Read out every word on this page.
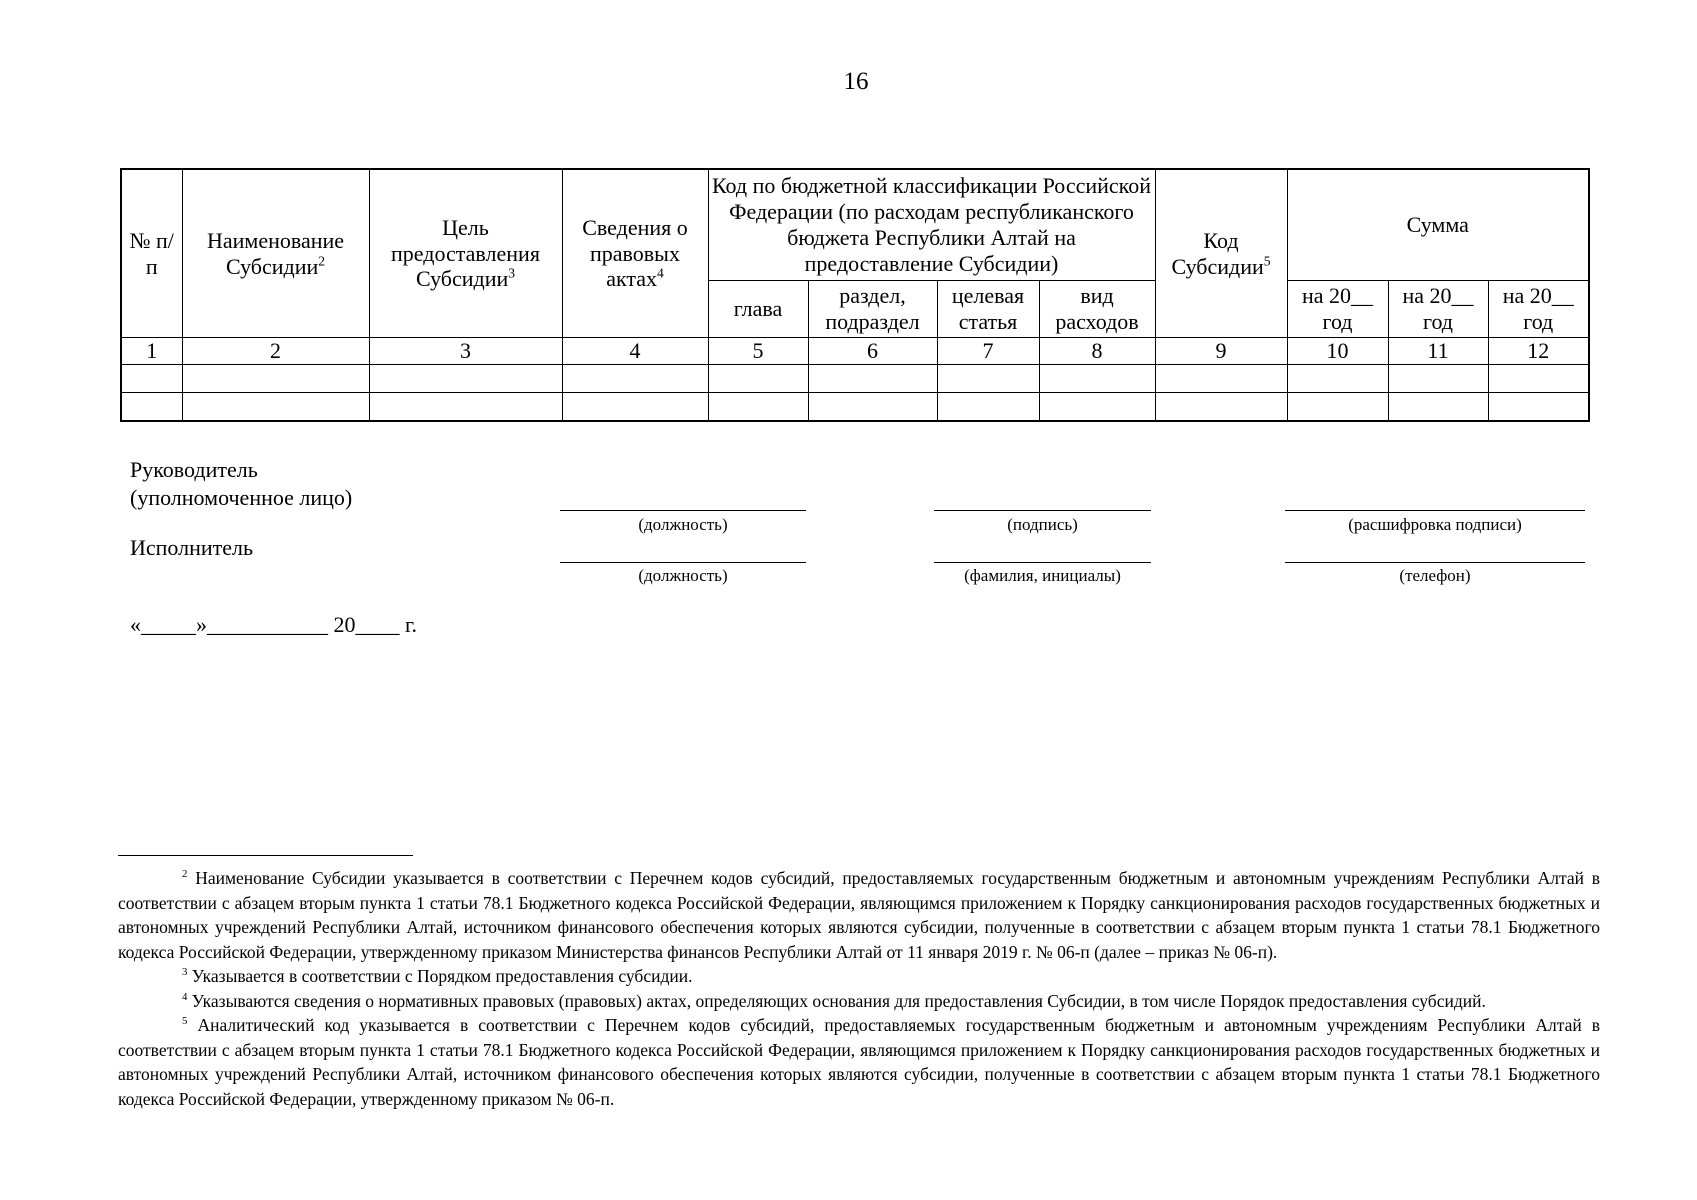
16
№ п/п	Наименование Субсидии$^2$	Цель предоставления Субсидии$^3$	Сведения о правовых актах$^4$	Код по бюджетной классификации Российской Федерации (по расходам республиканского бюджета Республики Алтай на предоставление Субсидии)				Код Субсидии$^5$	Сумма		
				глава	раздел, подраздел	целевая статья	вид расходов		на 20__ год	на 20__ год	на 20__ год
1	2	3	4	5	6	7	8	9	10	11	12

Руководитель
(уполномоченное лицо)
Исполнитель
(должность)	(подпись)	(расшифровка подписи)
(должность)	(фамилия, инициалы)	(телефон)
«_____»___________ 20____ г.

$^2$ Наименование Субсидии указывается в соответствии с Перечнем кодов субсидий, предоставляемых государственным бюджетным и автономным учреждениям Республики Алтай в соответствии с абзацем вторым пункта 1 статьи 78.1 Бюджетного кодекса Российской Федерации, являющимся приложением к Порядку санкционирования расходов государственных бюджетных и автономных учреждений Республики Алтай, источником финансового обеспечения которых являются субсидии, полученные в соответствии с абзацем вторым пункта 1 статьи 78.1 Бюджетного кодекса Российской Федерации, утвержденному приказом Министерства финансов Республики Алтай от 11 января 2019 г. № 06-п (далее – приказ № 06-п).

$^3$ Указывается в соответствии с Порядком предоставления субсидии.

$^4$ Указываются сведения о нормативных правовых (правовых) актах, определяющих основания для предоставления Субсидии, в том числе Порядок предоставления субсидий.

$^5$ Аналитический код указывается в соответствии с Перечнем кодов субсидий, предоставляемых государственным бюджетным и автономным учреждениям Республики Алтай в соответствии с абзацем вторым пункта 1 статьи 78.1 Бюджетного кодекса Российской Федерации, являющимся приложением к Порядку санкционирования расходов государственных бюджетных и автономных учреждений Республики Алтай, источником финансового обеспечения которых являются субсидии, полученные в соответствии с абзацем вторым пункта 1 статьи 78.1 Бюджетного кодекса Российской Федерации, утвержденному приказом № 06-п.
